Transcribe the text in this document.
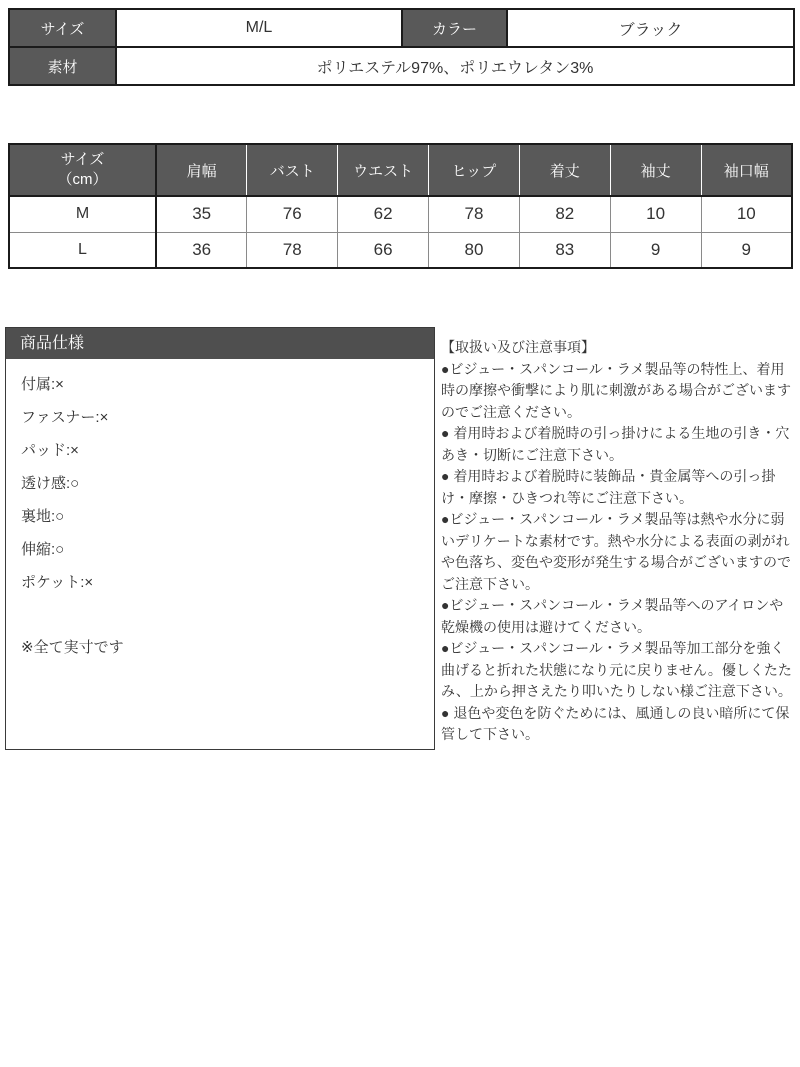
サイズ	M/L	カラー	ブラック
素材	ポリエステル97%、ポリエウレタン3%		
サイズ
（cm）	肩幅	バスト	ウエスト	ヒップ	着丈	袖丈	袖口幅
M	35	76	62	78	82	10	10
L	36	78	66	80	83	9	9
商品仕様
付属:×
ファスナー:×
パッド:×
透け感:○
裏地:○
伸縮:○
ポケット:×
※全て実寸です

【取扱い及び注意事項】

●ビジュー・スパンコール・ラメ製品等の特性上、着用時の摩擦や衝撃により肌に刺激がある場合がございますのでご注意ください。

● 着用時および着脱時の引っ掛けによる生地の引き・穴あき・切断にご注意下さい。

● 着用時および着脱時に装飾品・貴金属等への引っ掛け・摩擦・ひきつれ等にご注意下さい。

●ビジュー・スパンコール・ラメ製品等は熱や水分に弱いデリケートな素材です。熱や水分による表面の剥がれや色落ち、変色や変形が発生する場合がございますのでご注意下さい。

●ビジュー・スパンコール・ラメ製品等へのアイロンや乾燥機の使用は避けてください。

●ビジュー・スパンコール・ラメ製品等加工部分を強く曲げると折れた状態になり元に戻りません。優しくたたみ、上から押さえたり叩いたりしない様ご注意下さい。

● 退色や変色を防ぐためには、風通しの良い暗所にて保管して下さい。
